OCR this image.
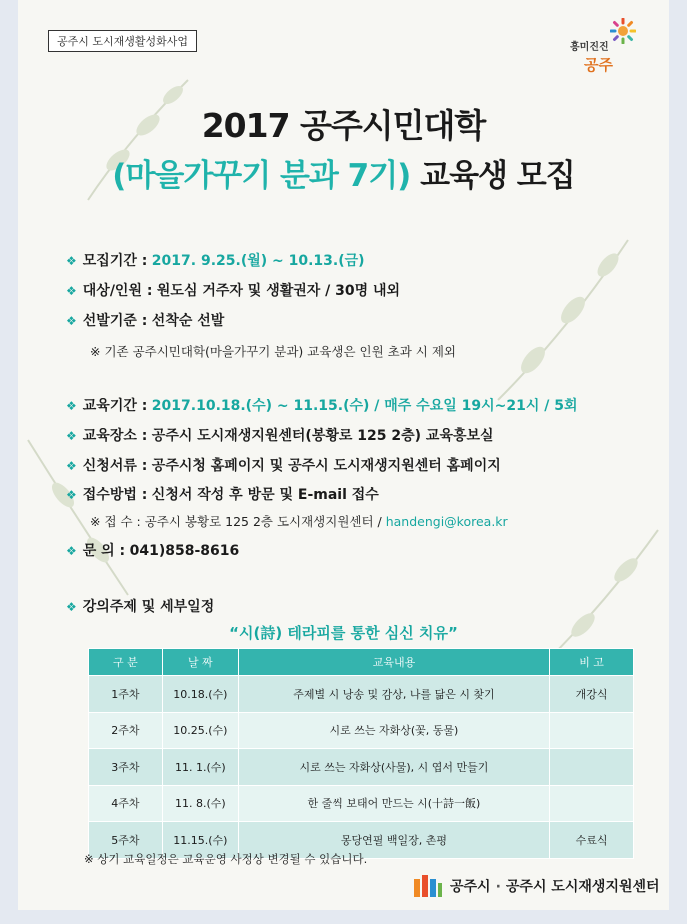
공주시 도시재생활성화사업	흥미진진
공주
2017 공주시민대학
(마을가꾸기 분과 7기) 교육생 모집
❖ 모집기간 : 2017. 9.25.(월) ~ 10.13.(금)
❖ 대상/인원 : 원도심 거주자 및 생활권자 / 30명 내외
❖ 선발기준 : 선착순 선발
※ 기존 공주시민대학(마을가꾸기 분과) 교육생은 인원 초과 시 제외
❖ 교육기간 : 2017.10.18.(수) ~ 11.15.(수) / 매주 수요일 19시~21시 / 5회
❖ 교육장소 : 공주시 도시재생지원센터(봉황로 125 2층) 교육홍보실
❖ 신청서류 : 공주시청 홈페이지 및 공주시 도시재생지원센터 홈페이지
❖ 접수방법 : 신청서 작성 후 방문 및 E-mail 접수
※ 접 수 : 공주시 봉황로 125 2층 도시재생지원센터 / handengi@korea.kr
❖ 문 의 : 041)858-8616
❖ 강의주제 및 세부일정
“시(詩) 테라피를 통한 심신 치유”
구 분	날 짜	교육내용	비 고
1주차	10.18.(수)	주제별 시 낭송 및 감상, 나를 닮은 시 찾기	개강식
2주차	10.25.(수)	시로 쓰는 자화상(꽃, 동물)	
3주차	11. 1.(수)	시로 쓰는 자화상(사물), 시 엽서 만들기	
4주차	11. 8.(수)	한 줄씩 보태어 만드는 시(十詩一飯)	
5주차	11.15.(수)	몽당연필 백일장, 촌평	수료식
※ 상기 교육일정은 교육운영 사정상 변경될 수 있습니다.
공주시 · 공주시 도시재생지원센터
